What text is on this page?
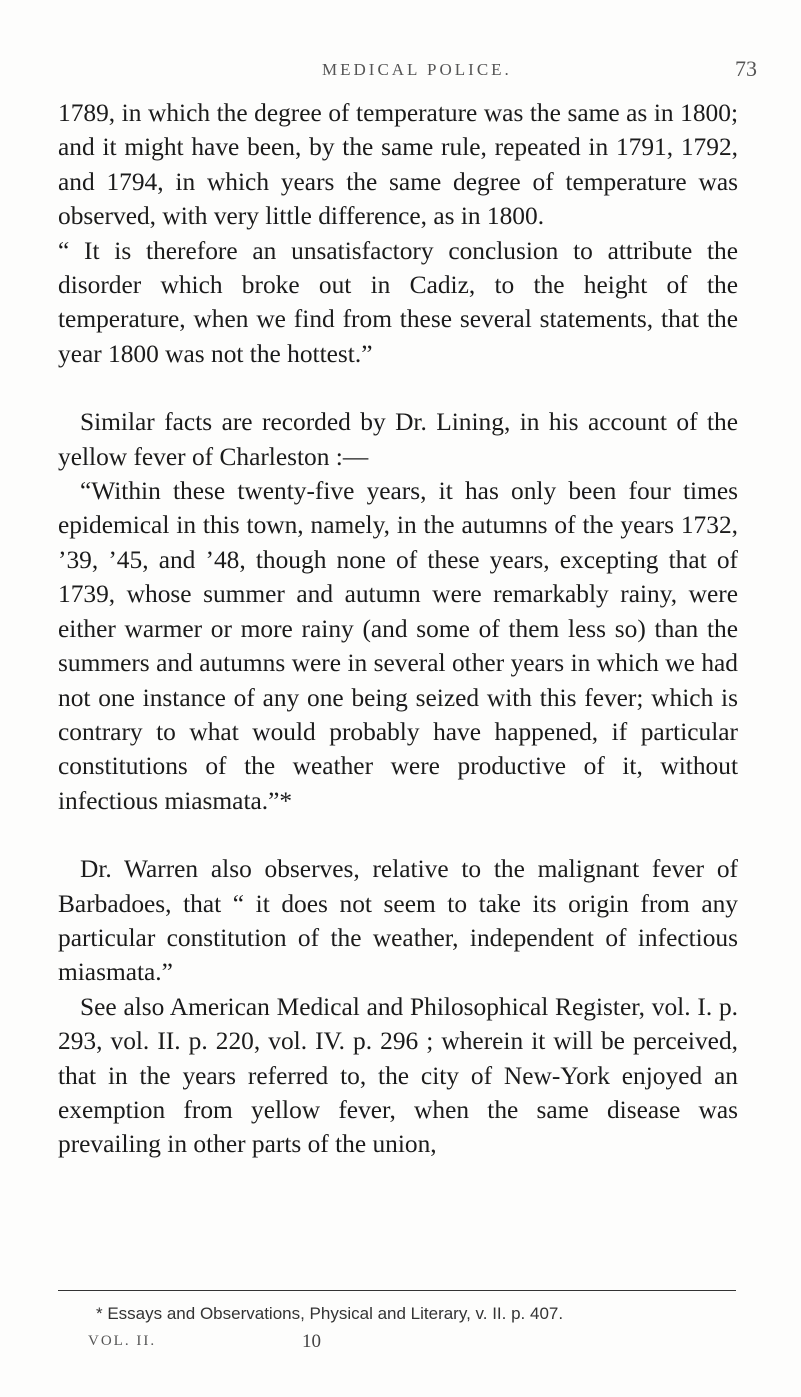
MEDICAL POLICE.	73

1789, in which the degree of temperature was the same as in 1800; and it might have been, by the same rule, repeated in 1791, 1792, and 1794, in which years the same degree of temperature was observed, with very little difference, as in 1800.

“ It is therefore an unsatisfactory conclusion to attribute the disorder which broke out in Cadiz, to the height of the temperature, when we find from these several statements, that the year 1800 was not the hottest.”

Similar facts are recorded by Dr. Lining, in his account of the yellow fever of Charleston :—

“Within these twenty-five years, it has only been four times epidemical in this town, namely, in the autumns of the years 1732, ’39, ’45, and ’48, though none of these years, excepting that of 1739, whose summer and autumn were remarkably rainy, were either warmer or more rainy (and some of them less so) than the summers and autumns were in several other years in which we had not one instance of any one being seized with this fever; which is contrary to what would probably have happened, if particular constitutions of the weather were productive of it, without infectious miasmata.”*

Dr. Warren also observes, relative to the malignant fever of Barbadoes, that “ it does not seem to take its origin from any particular constitution of the weather, independent of infectious miasmata.”

See also American Medical and Philosophical Register, vol. I. p. 293, vol. II. p. 220, vol. IV. p. 296 ; wherein it will be perceived, that in the years referred to, the city of New-York enjoyed an exemption from yellow fever, when the same disease was prevailing in other parts of the union,

* Essays and Observations, Physical and Literary, v. II. p. 407.
VOL. II.	10
